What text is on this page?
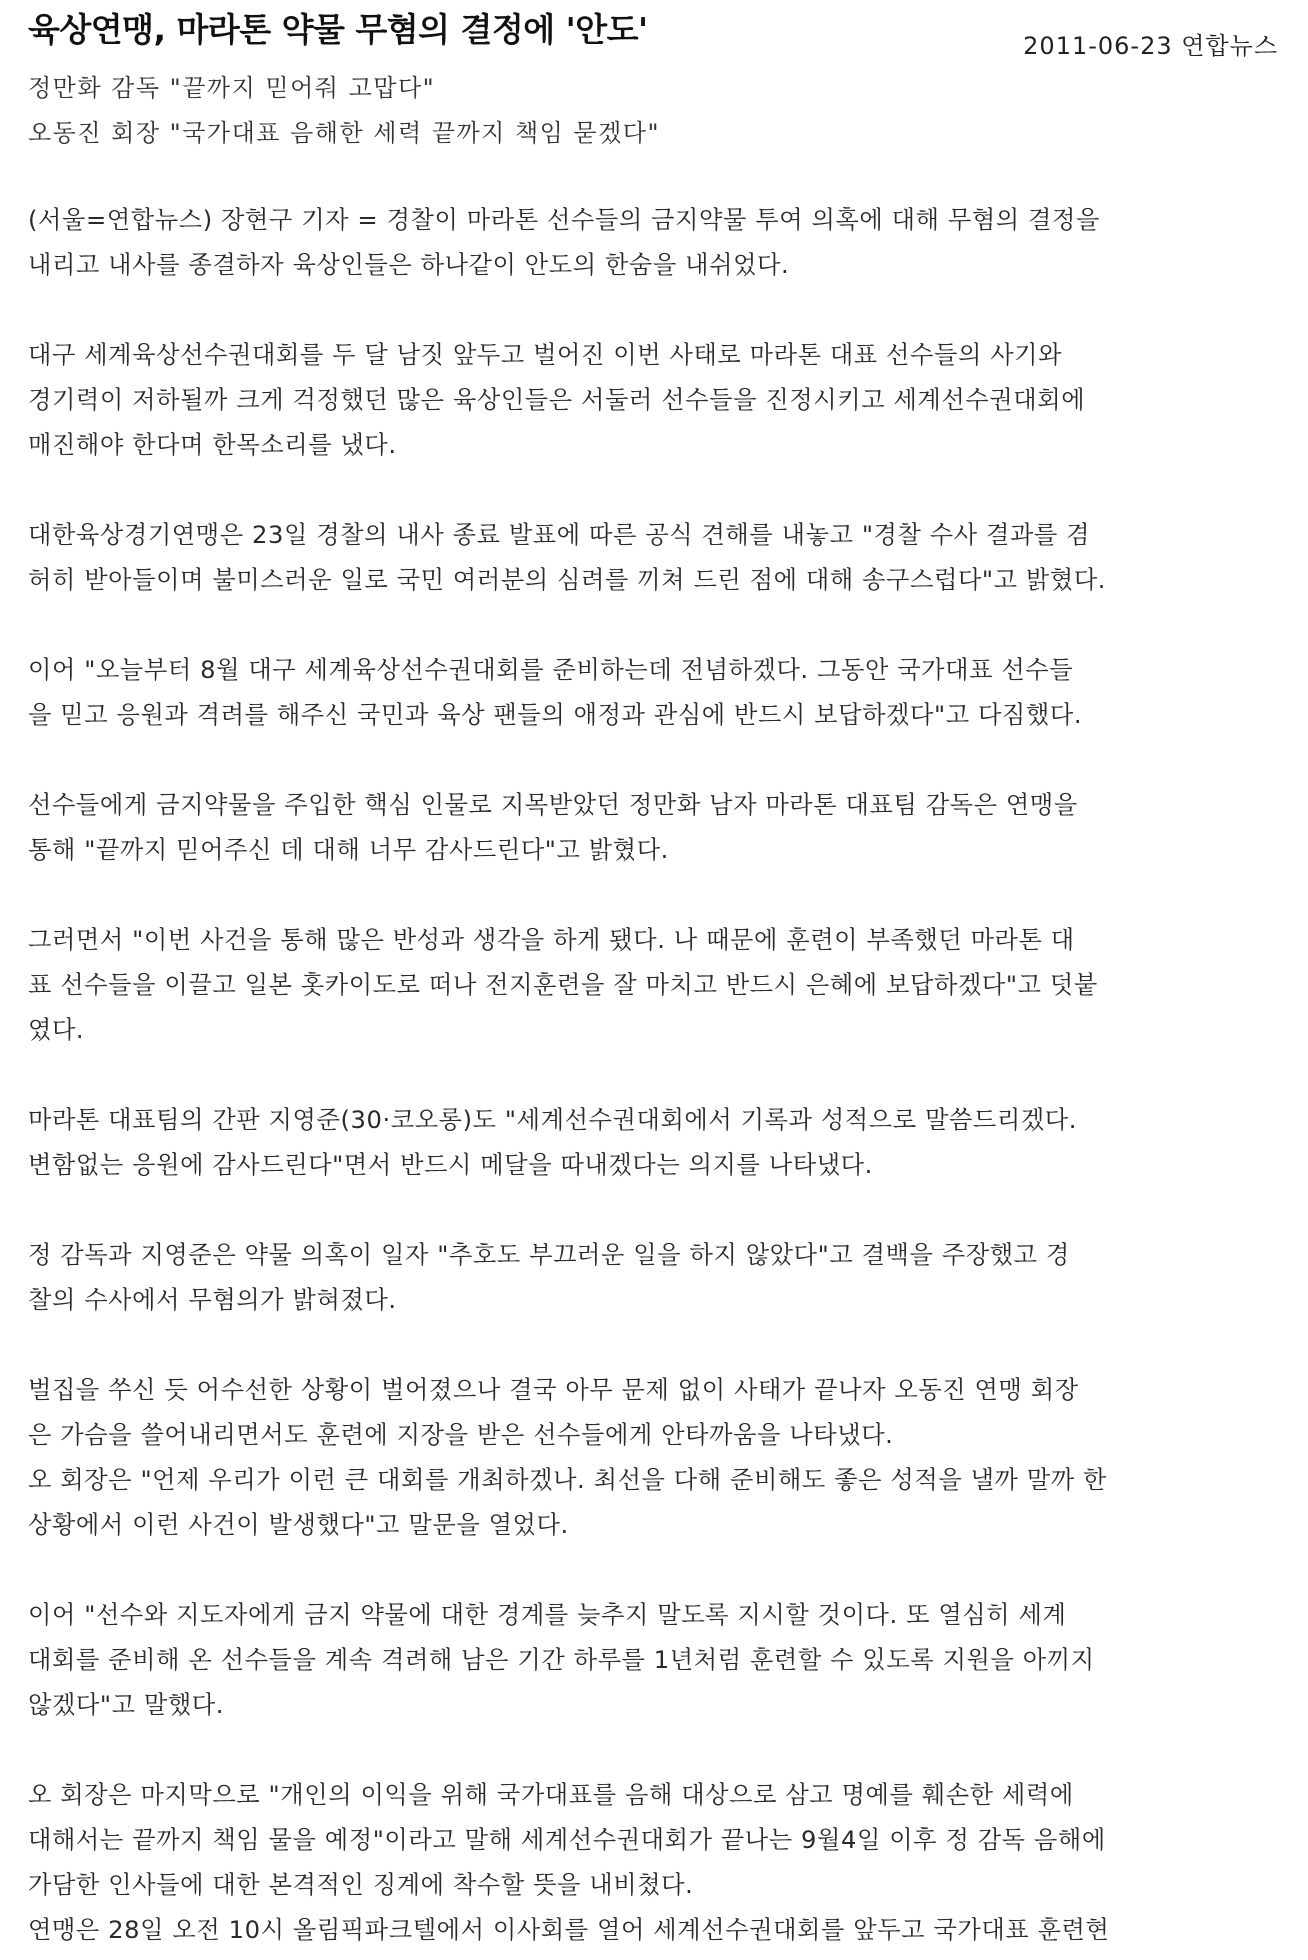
육상연맹, 마라톤 약물 무혐의 결정에 '안도'	2011-06-23 연합뉴스
정만화 감독 "끝까지 믿어줘 고맙다"
오동진 회장 "국가대표 음해한 세력 끝까지 책임 묻겠다"
(서울=연합뉴스) 장현구 기자 = 경찰이 마라톤 선수들의 금지약물 투여 의혹에 대해 무혐의 결정을
내리고 내사를 종결하자 육상인들은 하나같이 안도의 한숨을 내쉬었다.
대구 세계육상선수권대회를 두 달 남짓 앞두고 벌어진 이번 사태로 마라톤 대표 선수들의 사기와
경기력이 저하될까 크게 걱정했던 많은 육상인들은 서둘러 선수들을 진정시키고 세계선수권대회에
매진해야 한다며 한목소리를 냈다.
대한육상경기연맹은 23일 경찰의 내사 종료 발표에 따른 공식 견해를 내놓고 "경찰 수사 결과를 겸
허히 받아들이며 불미스러운 일로 국민 여러분의 심려를 끼쳐 드린 점에 대해 송구스럽다"고 밝혔다.
이어 "오늘부터 8월 대구 세계육상선수권대회를 준비하는데 전념하겠다. 그동안 국가대표 선수들
을 믿고 응원과 격려를 해주신 국민과 육상 팬들의 애정과 관심에 반드시 보답하겠다"고 다짐했다.
선수들에게 금지약물을 주입한 핵심 인물로 지목받았던 정만화 남자 마라톤 대표팀 감독은 연맹을
통해 "끝까지 믿어주신 데 대해 너무 감사드린다"고 밝혔다.
그러면서 "이번 사건을 통해 많은 반성과 생각을 하게 됐다. 나 때문에 훈련이 부족했던 마라톤 대
표 선수들을 이끌고 일본 홋카이도로 떠나 전지훈련을 잘 마치고 반드시 은혜에 보답하겠다"고 덧붙
였다.
마라톤 대표팀의 간판 지영준(30·코오롱)도 "세계선수권대회에서 기록과 성적으로 말씀드리겠다.
변함없는 응원에 감사드린다"면서 반드시 메달을 따내겠다는 의지를 나타냈다.
정 감독과 지영준은 약물 의혹이 일자 "추호도 부끄러운 일을 하지 않았다"고 결백을 주장했고 경
찰의 수사에서 무혐의가 밝혀졌다.
벌집을 쑤신 듯 어수선한 상황이 벌어졌으나 결국 아무 문제 없이 사태가 끝나자 오동진 연맹 회장
은 가슴을 쓸어내리면서도 훈련에 지장을 받은 선수들에게 안타까움을 나타냈다.
오 회장은 "언제 우리가 이런 큰 대회를 개최하겠나. 최선을 다해 준비해도 좋은 성적을 낼까 말까 한
상황에서 이런 사건이 발생했다"고 말문을 열었다.
이어 "선수와 지도자에게 금지 약물에 대한 경계를 늦추지 말도록 지시할 것이다. 또 열심히 세계
대회를 준비해 온 선수들을 계속 격려해 남은 기간 하루를 1년처럼 훈련할 수 있도록 지원을 아끼지
않겠다"고 말했다.
오 회장은 마지막으로 "개인의 이익을 위해 국가대표를 음해 대상으로 삼고 명예를 훼손한 세력에
대해서는 끝까지 책임 물을 예정"이라고 말해 세계선수권대회가 끝나는 9월4일 이후 정 감독 음해에
가담한 인사들에 대한 본격적인 징계에 착수할 뜻을 내비쳤다.
연맹은 28일 오전 10시 올림픽파크텔에서 이사회를 열어 세계선수권대회를 앞두고 국가대표 훈련현
